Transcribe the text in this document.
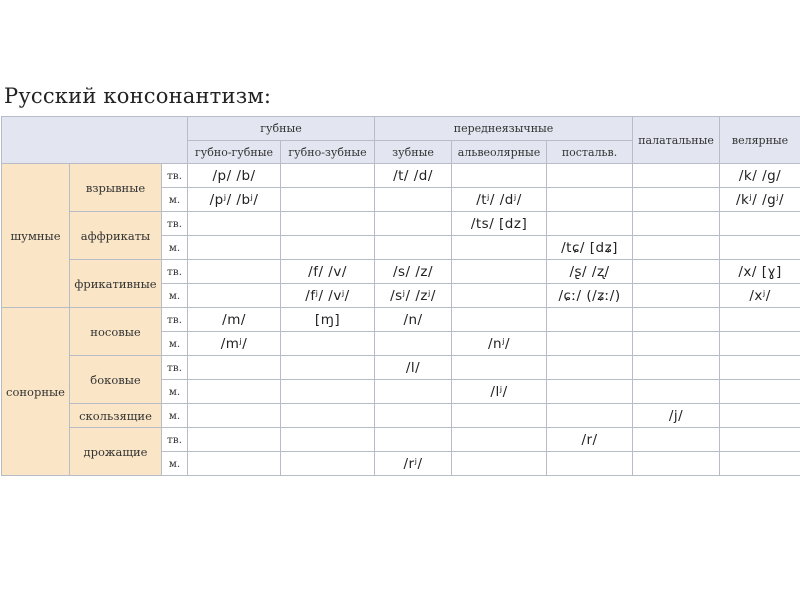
Русский консонантизм:
			губные		переднеязычные			палатальные	велярные
			губно-губные	губно-зубные	зубные	альвеолярные	постальв.		
шумные	взрывные	тв.	/p/ /b/		/t/ /d/				/k/ /g/
		м.	/pʲ/ /bʲ/			/tʲ/ /dʲ/			/kʲ/ /gʲ/
	аффрикаты	тв.				/ts/ [dz]			
		м.					/tɕ/ [dʑ]		
	фрикативные	тв.		/f/ /v/	/s/ /z/		/ʂ/ /ʐ/		/x/ [ɣ]
		м.		/fʲ/ /vʲ/	/sʲ/ /zʲ/		/ɕː/ (/ʑː/)		/xʲ/
сонорные	носовые	тв.	/m/	[ɱ]	/n/				
		м.	/mʲ/			/nʲ/			
	боковые	тв.			/l/				
		м.				/lʲ/			
	скользящие	м.						/j/	
	дрожащие	тв.					/r/		
		м.			/rʲ/				
